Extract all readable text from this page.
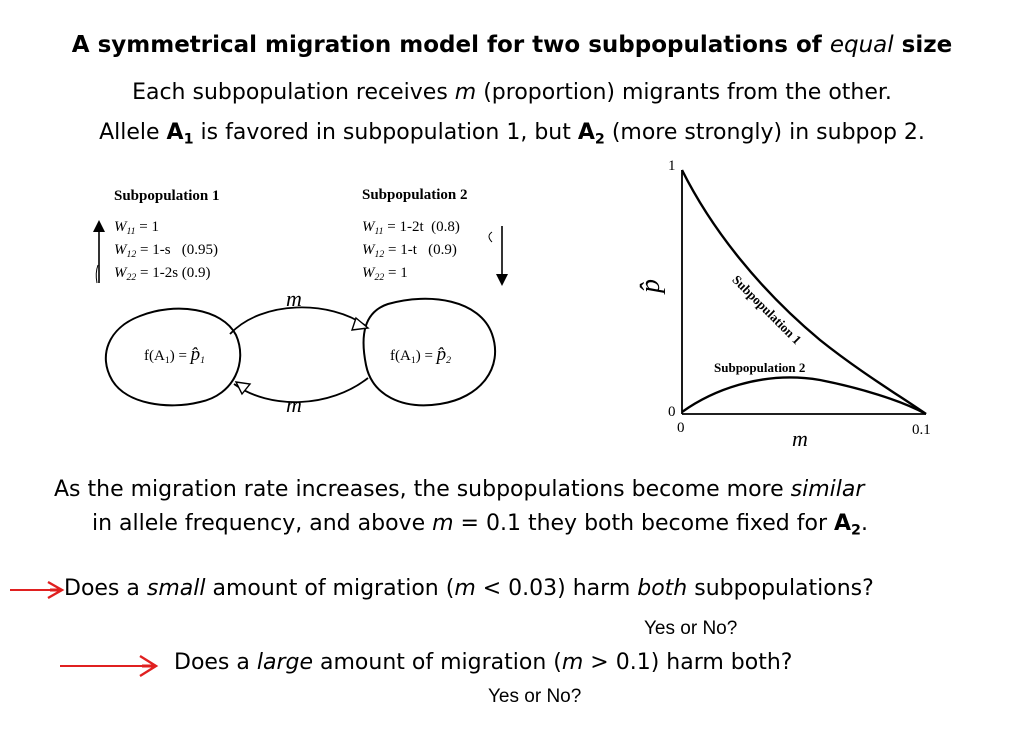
A symmetrical migration model for two subpopulations of equal size
Each subpopulation receives m (proportion) migrants from the other.
Allele $A_1$ is favored in subpopulation 1, but $A_2$ (more strongly) in subpop 2.
Subpopulation 1	Subpopulation 2
$W_{11} = 1$
$W_{12} = 1-s$ (0.95)
$W_{22} = 1-2s$ (0.9)
$W_{11} = 1-2t$ (0.8)
$W_{12} = 1-t$ (0.9)
$W_{22} = 1$
m
m
$f(A_1)$ = $p̂_1$	$f(A_1)$ = $p̂_2$
1
0
0	0.1
p̂
m
Subpopulation 1
Subpopulation 2
As the migration rate increases, the subpopulations become more similar
in allele frequency, and above m = 0.1 they both become fixed for $A_2$.
Does a small amount of migration (m < 0.03) harm both subpopulations?
Yes or No?
Does a large amount of migration (m > 0.1) harm both?
Yes or No?
